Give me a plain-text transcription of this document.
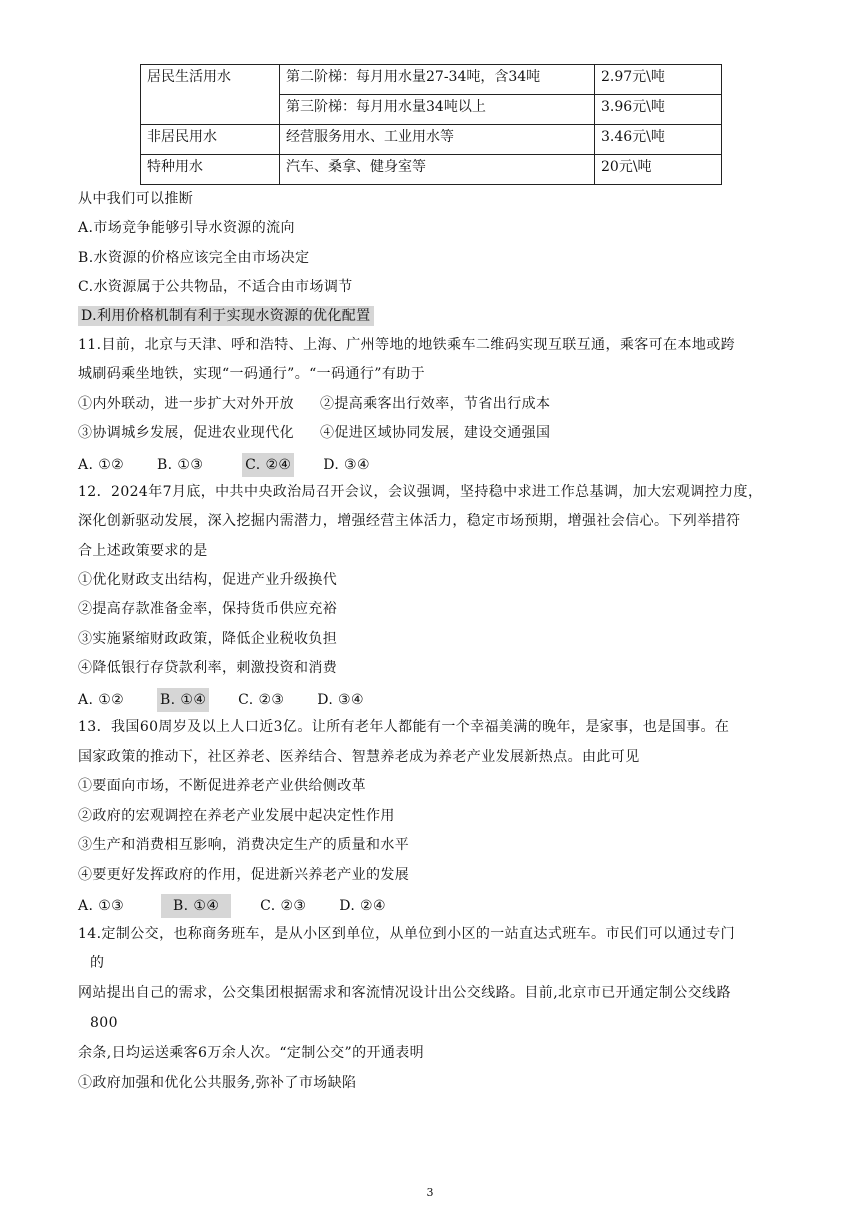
居民生活用水	第二阶梯：每月用水量27-34吨，含34吨	2.97元\吨
	第三阶梯：每月用水量34吨以上	3.96元\吨
非居民用水	经营服务用水、工业用水等	3.46元\吨
特种用水	汽车、桑拿、健身室等	20元\吨
从中我们可以推断
A.市场竞争能够引导水资源的流向
B.水资源的价格应该完全由市场决定
C.水资源属于公共物品，不适合由市场调节
D.利用价格机制有利于实现水资源的优化配置
11.目前，北京与天津、呼和浩特、上海、广州等地的地铁乘车二维码实现互联互通，乘客可在本地或跨
城刷码乘坐地铁，实现“一码通行”。“一码通行”有助于
①内外联动，进一步扩大对外开放 ②提高乘客出行效率，节省出行成本
③协调城乡发展，促进农业现代化 ④促进区域协同发展，建设交通强国
A. ①② B. ①③	C. ②④ D. ③④
12．2024年7月底，中共中央政治局召开会议，会议强调，坚持稳中求进工作总基调，加大宏观调控力度，
深化创新驱动发展，深入挖掘内需潜力，增强经营主体活力，稳定市场预期，增强社会信心。下列举措符
合上述政策要求的是
①优化财政支出结构，促进产业升级换代
②提高存款准备金率，保持货币供应充裕
③实施紧缩财政政策，降低企业税收负担
④降低银行存贷款利率，刺激投资和消费
A. ①②	B. ①④ C. ②③ D. ③④
13．我国60周岁及以上人口近3亿。让所有老年人都能有一个幸福美满的晚年，是家事，也是国事。在
国家政策的推动下，社区养老、医养结合、智慧养老成为养老产业发展新热点。由此可见
①要面向市场，不断促进养老产业供给侧改革
②政府的宏观调控在养老产业发展中起决定性作用
③生产和消费相互影响，消费决定生产的质量和水平
④要更好发挥政府的作用，促进新兴养老产业的发展
A. ①③	B. ①④	C. ②③ D. ②④
14.定制公交，也称商务班车，是从小区到单位，从单位到小区的一站直达式班车。市民们可以通过专门
的
网站提出自己的需求，公交集团根据需求和客流情况设计出公交线路。目前,北京市已开通定制公交线路
800
余条,日均运送乘客6万余人次。“定制公交”的开通表明
①政府加强和优化公共服务,弥补了市场缺陷
3
